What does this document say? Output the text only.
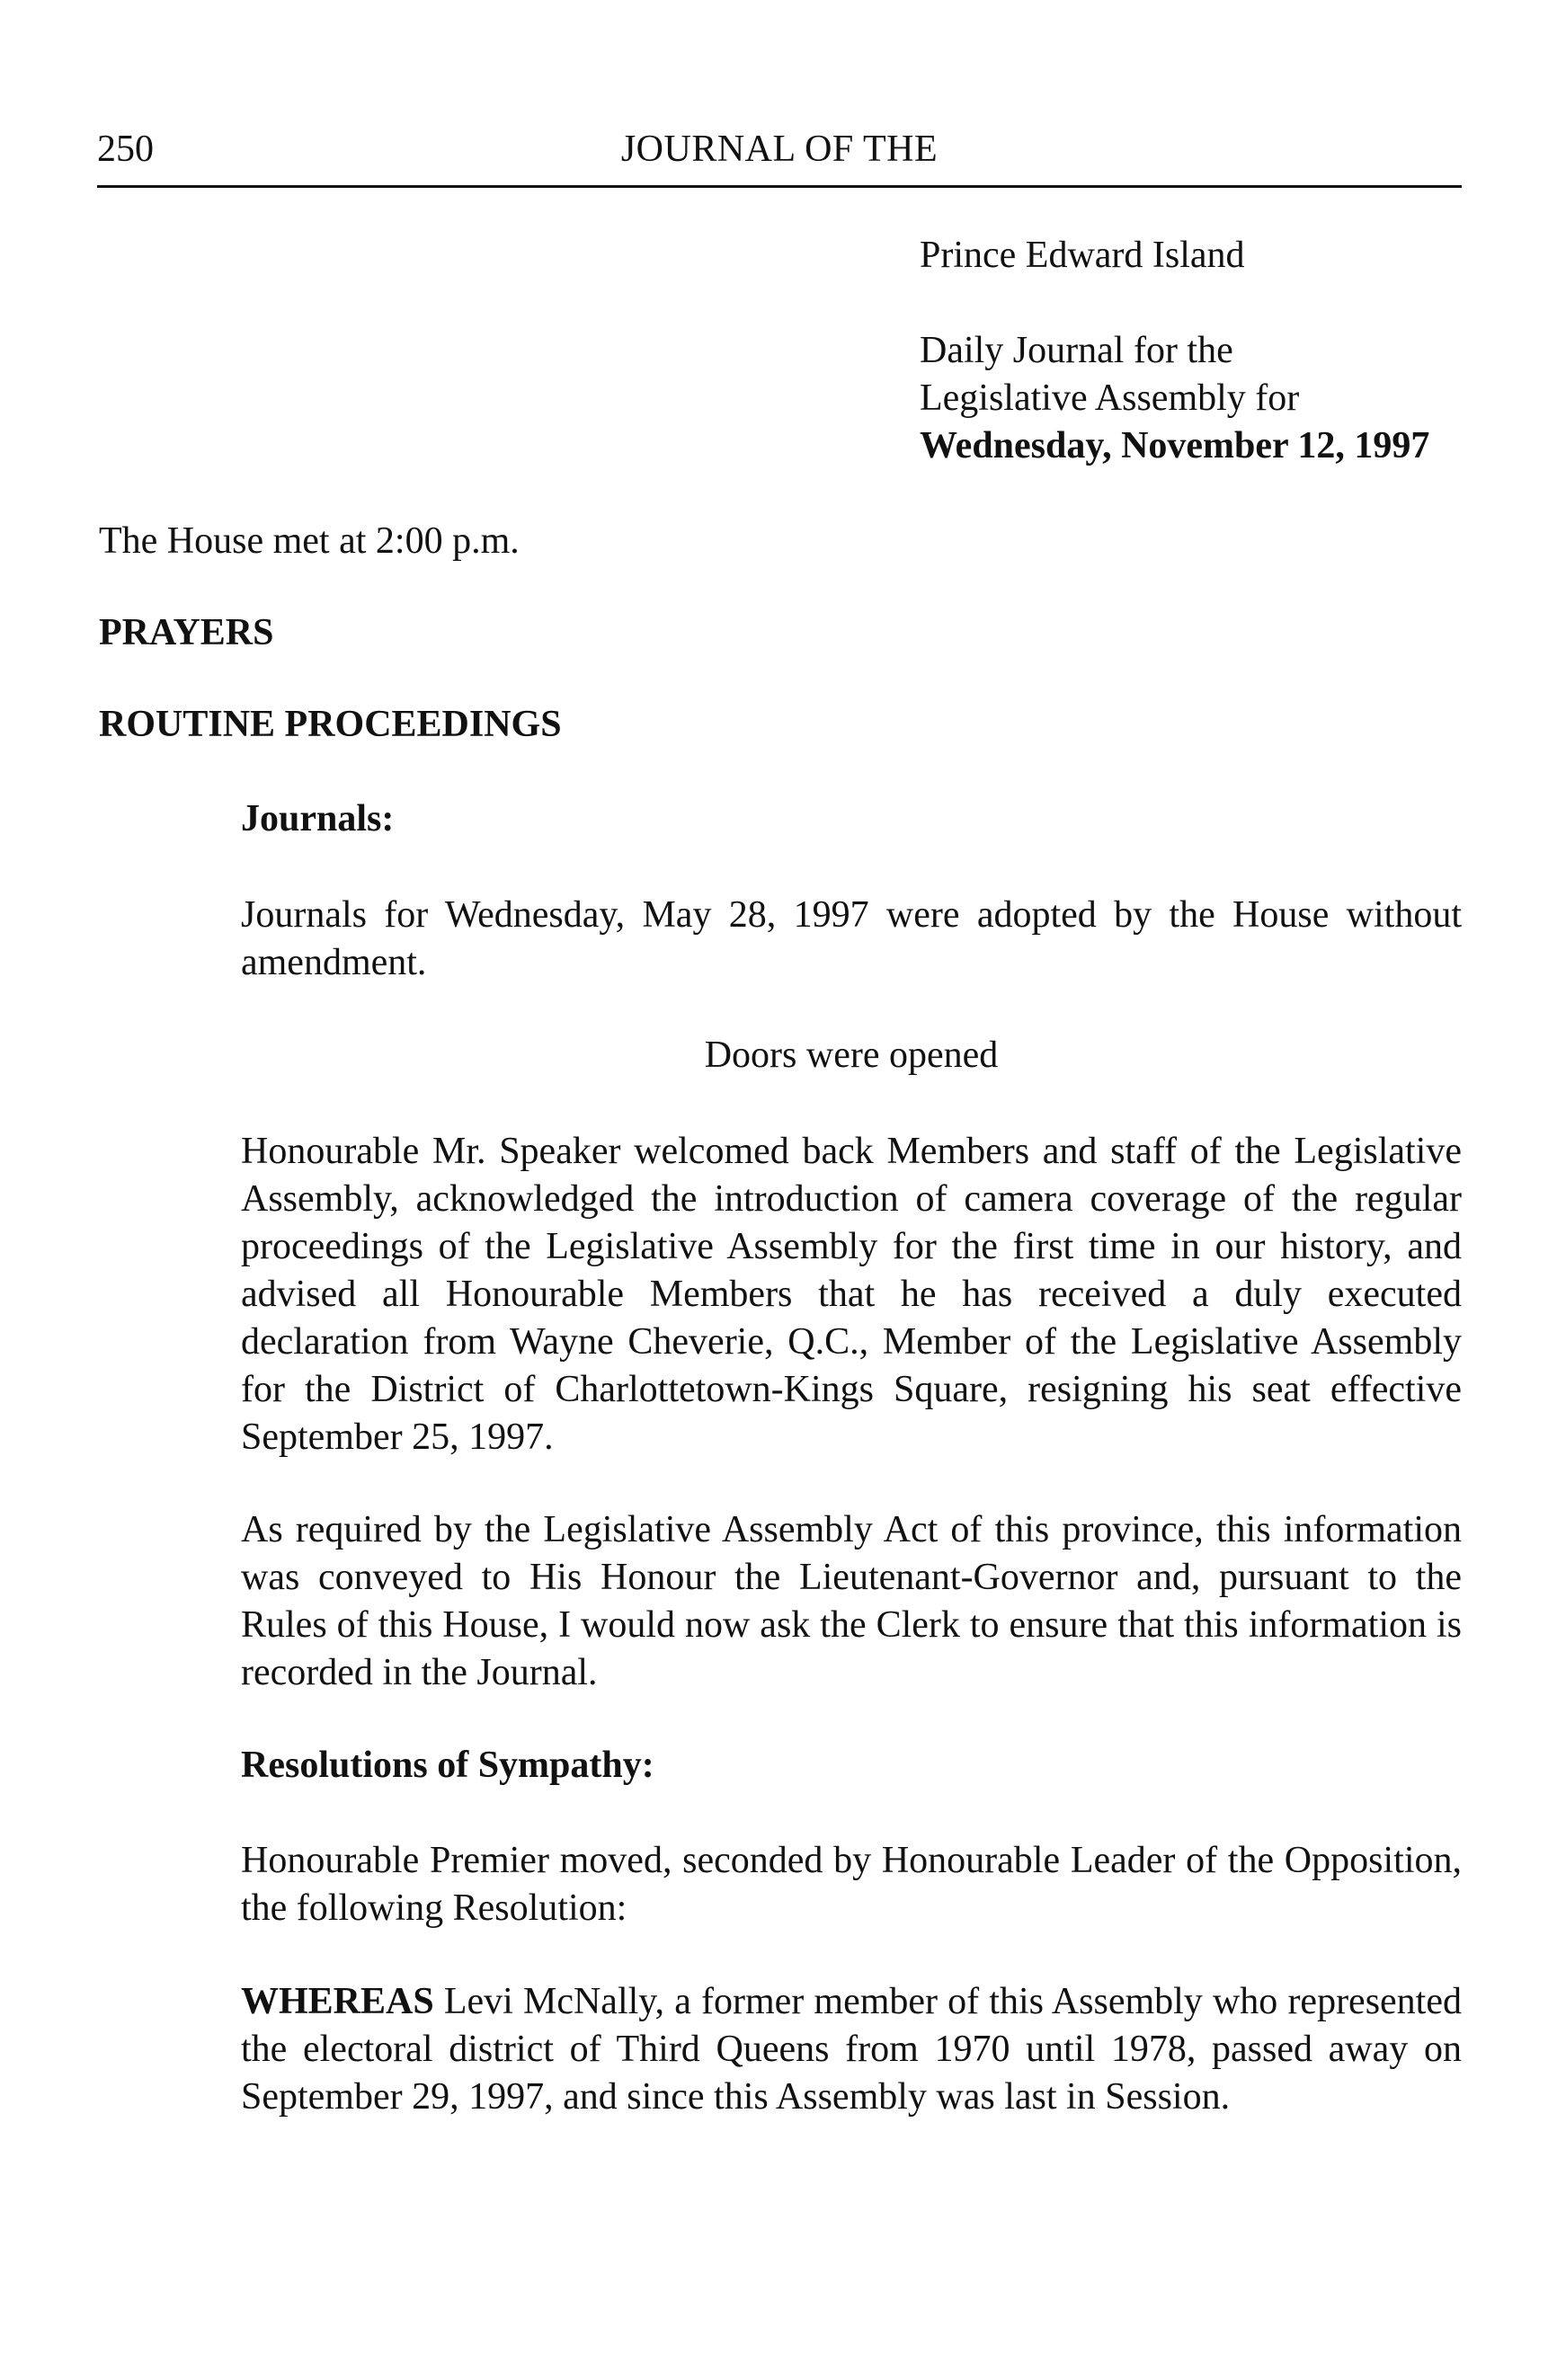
250	JOURNAL OF THE
Prince Edward Island
Daily Journal for the
Legislative Assembly for
Wednesday, November 12, 1997
The House met at 2:00 p.m.
PRAYERS
ROUTINE PROCEEDINGS
Journals:
Journals for Wednesday, May 28, 1997 were adopted by the House without amendment.
Doors were opened
Honourable Mr. Speaker welcomed back Members and staff of the Legislative Assembly, acknowledged the introduction of camera coverage of the regular proceedings of the Legislative Assembly for the first time in our history, and advised all Honourable Members that he has received a duly executed declaration from Wayne Cheverie, Q.C., Member of the Legislative Assembly for the District of Charlottetown-Kings Square, resigning his seat effective September 25, 1997.
As required by the Legislative Assembly Act of this province, this information was conveyed to His Honour the Lieutenant-Governor and, pursuant to the Rules of this House, I would now ask the Clerk to ensure that this information is recorded in the Journal.
Resolutions of Sympathy:
Honourable Premier moved, seconded by Honourable Leader of the Opposition, the following Resolution:
WHEREAS Levi McNally, a former member of this Assembly who represented the electoral district of Third Queens from 1970 until 1978, passed away on September 29, 1997, and since this Assembly was last in Session.
